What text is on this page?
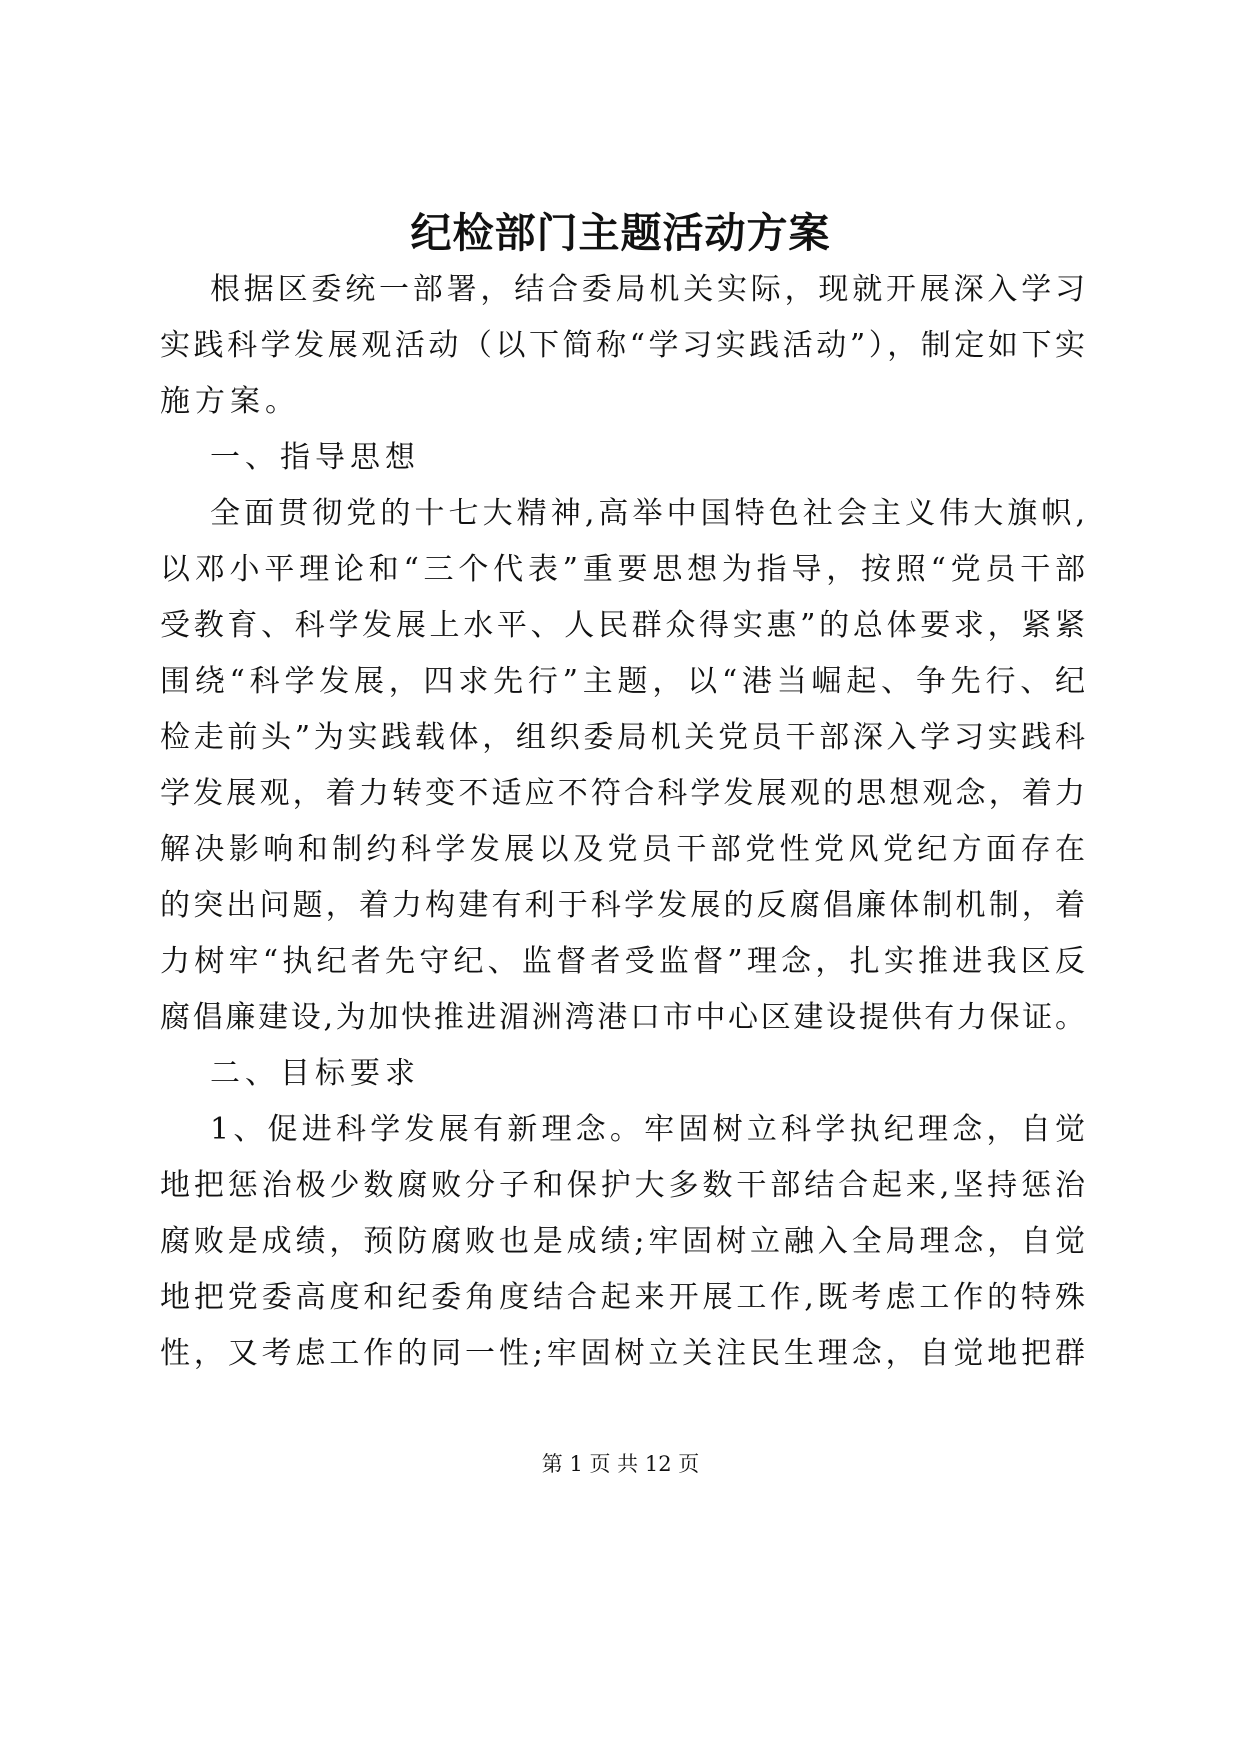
纪检部门主题活动方案
根据区委统一部署，结合委局机关实际，现就开展深入学习
实践科学发展观活动（以下简称“学习实践活动”），制定如下实
施方案。
一、指导思想
全面贯彻党的十七大精神,高举中国特色社会主义伟大旗帜,
以邓小平理论和“三个代表”重要思想为指导，按照“党员干部
受教育、科学发展上水平、人民群众得实惠”的总体要求，紧紧
围绕“科学发展，四求先行”主题，以“港当崛起、争先行、纪
检走前头”为实践载体，组织委局机关党员干部深入学习实践科
学发展观，着力转变不适应不符合科学发展观的思想观念，着力
解决影响和制约科学发展以及党员干部党性党风党纪方面存在
的突出问题，着力构建有利于科学发展的反腐倡廉体制机制，着
力树牢“执纪者先守纪、监督者受监督”理念，扎实推进我区反
腐倡廉建设,为加快推进湄洲湾港口市中心区建设提供有力保证。
二、目标要求
1、促进科学发展有新理念。牢固树立科学执纪理念，自觉
地把惩治极少数腐败分子和保护大多数干部结合起来,坚持惩治
腐败是成绩，预防腐败也是成绩;牢固树立融入全局理念，自觉
地把党委高度和纪委角度结合起来开展工作,既考虑工作的特殊
性，又考虑工作的同一性;牢固树立关注民生理念，自觉地把群
第 1 页 共 12 页
